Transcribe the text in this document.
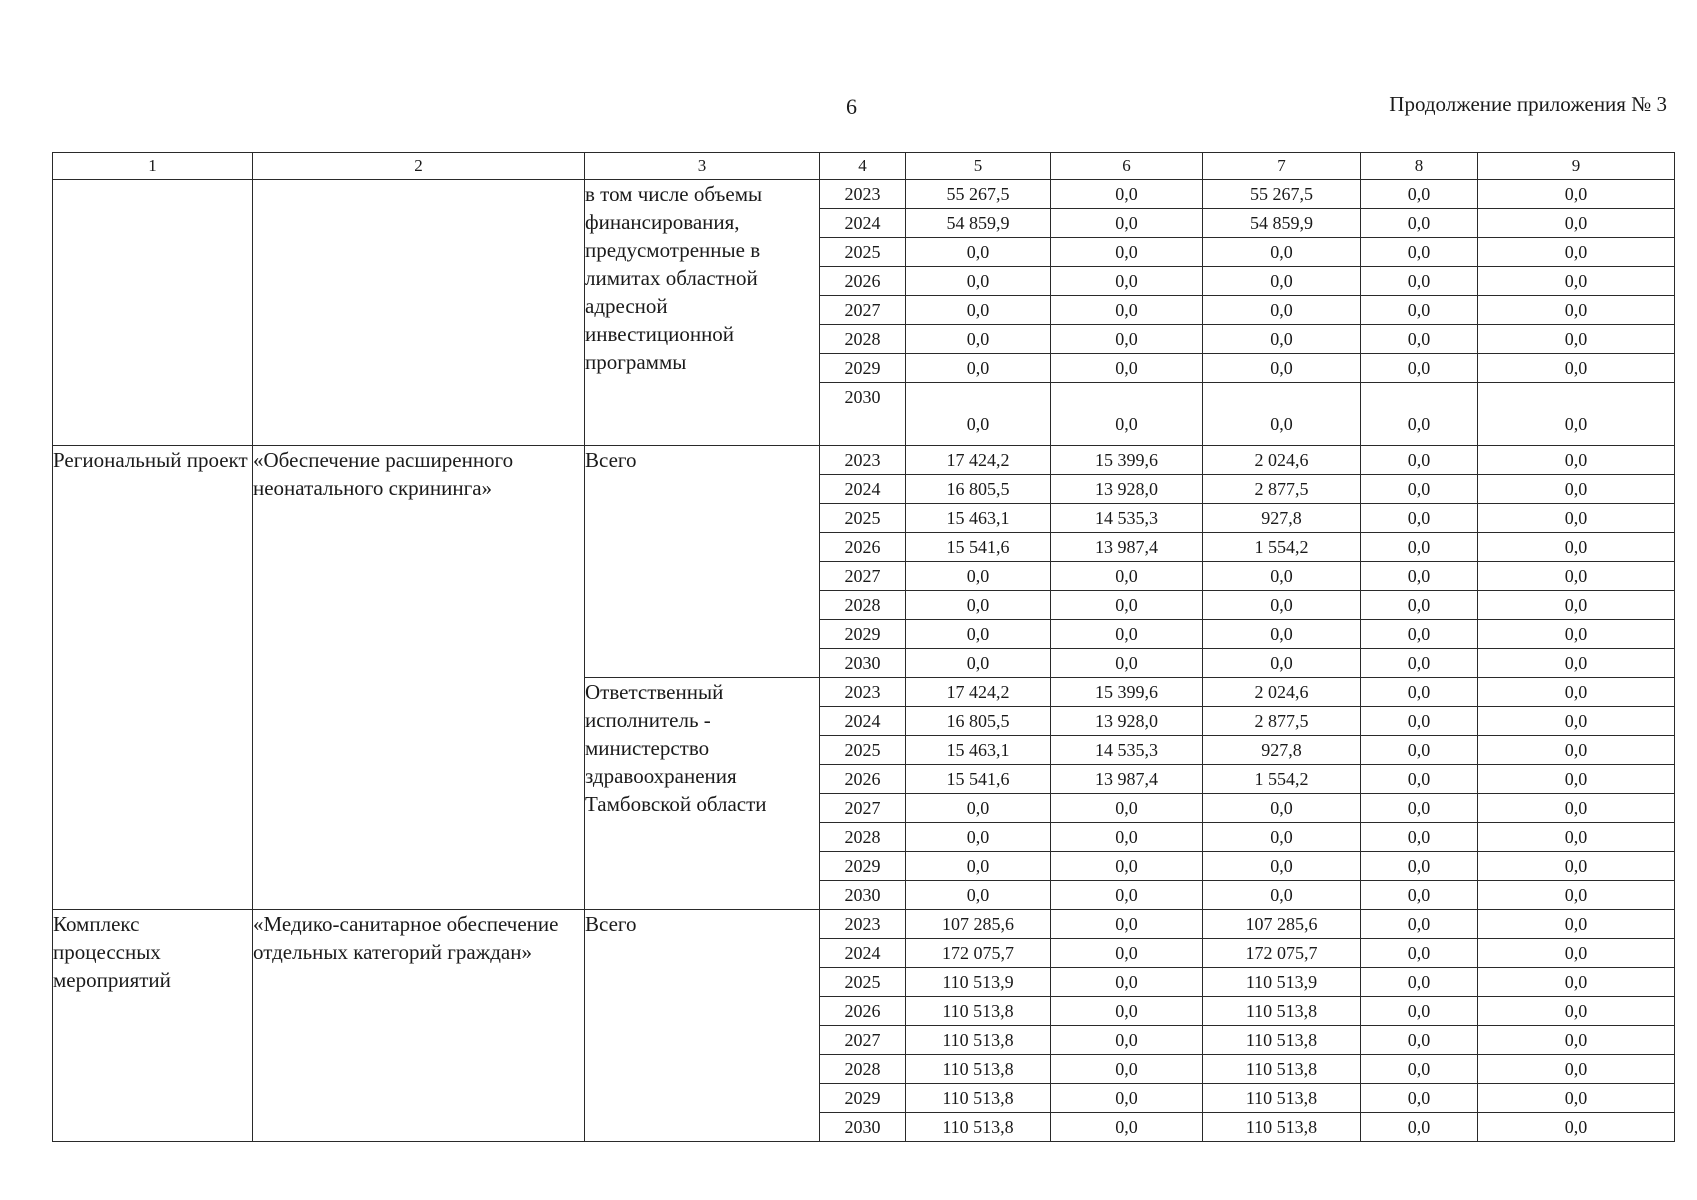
6	Продолжение приложения № 3
1	2	3	4	5	6	7	8	9
		в том числе объемы финансирования, предусмотренные в лимитах областной адресной инвестиционной программы	2023	55 267,5	0,0	55 267,5	0,0	0,0
			2024	54 859,9	0,0	54 859,9	0,0	0,0
			2025	0,0	0,0	0,0	0,0	0,0
			2026	0,0	0,0	0,0	0,0	0,0
			2027	0,0	0,0	0,0	0,0	0,0
			2028	0,0	0,0	0,0	0,0	0,0
			2029	0,0	0,0	0,0	0,0	0,0
			2030	0,0	0,0	0,0	0,0	0,0
Региональный проект	«Обеспечение расширенного неонатального скрининга»	Всего	2023	17 424,2	15 399,6	2 024,6	0,0	0,0
			2024	16 805,5	13 928,0	2 877,5	0,0	0,0
			2025	15 463,1	14 535,3	927,8	0,0	0,0
			2026	15 541,6	13 987,4	1 554,2	0,0	0,0
			2027	0,0	0,0	0,0	0,0	0,0
			2028	0,0	0,0	0,0	0,0	0,0
			2029	0,0	0,0	0,0	0,0	0,0
			2030	0,0	0,0	0,0	0,0	0,0
		Ответственный исполнитель - министерство здравоохранения Тамбовской области	2023	17 424,2	15 399,6	2 024,6	0,0	0,0
			2024	16 805,5	13 928,0	2 877,5	0,0	0,0
			2025	15 463,1	14 535,3	927,8	0,0	0,0
			2026	15 541,6	13 987,4	1 554,2	0,0	0,0
			2027	0,0	0,0	0,0	0,0	0,0
			2028	0,0	0,0	0,0	0,0	0,0
			2029	0,0	0,0	0,0	0,0	0,0
			2030	0,0	0,0	0,0	0,0	0,0
Комплекс процессных мероприятий	«Медико-санитарное обеспечение отдельных категорий граждан»	Всего	2023	107 285,6	0,0	107 285,6	0,0	0,0
			2024	172 075,7	0,0	172 075,7	0,0	0,0
			2025	110 513,9	0,0	110 513,9	0,0	0,0
			2026	110 513,8	0,0	110 513,8	0,0	0,0
			2027	110 513,8	0,0	110 513,8	0,0	0,0
			2028	110 513,8	0,0	110 513,8	0,0	0,0
			2029	110 513,8	0,0	110 513,8	0,0	0,0
			2030	110 513,8	0,0	110 513,8	0,0	0,0
